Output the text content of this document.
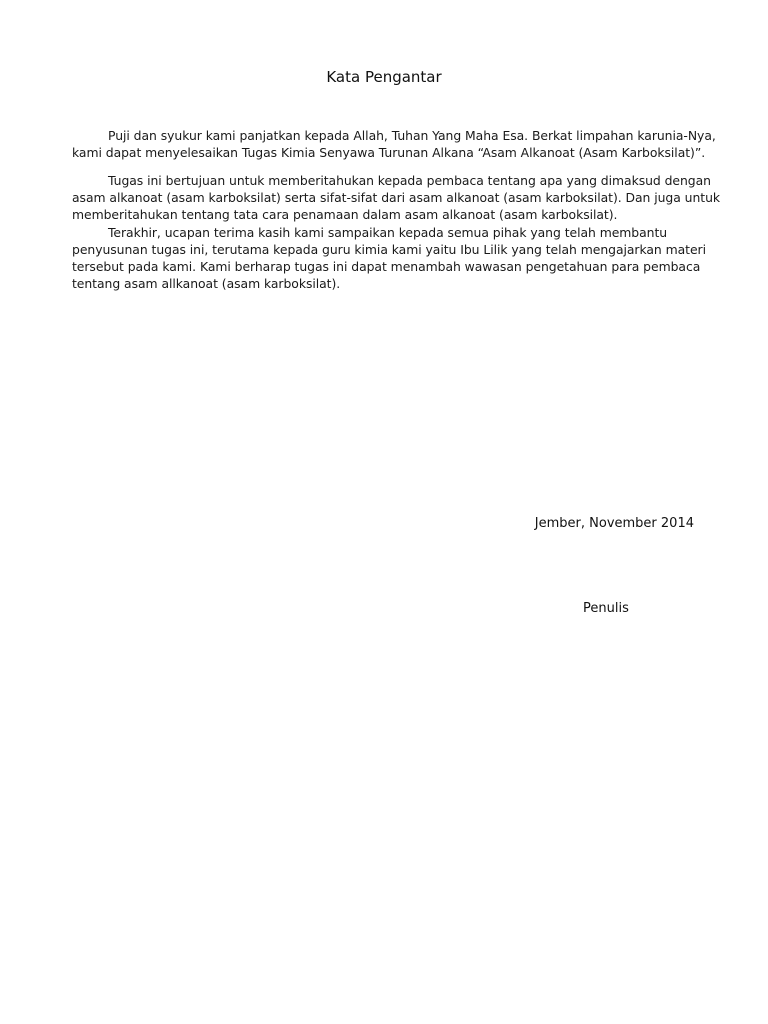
Kata Pengantar
Puji dan syukur kami panjatkan kepada Allah, Tuhan Yang Maha Esa. Berkat limpahan karunia-Nya,
kami dapat menyelesaikan Tugas Kimia Senyawa Turunan Alkana “Asam Alkanoat (Asam Karboksilat)”.
Tugas ini bertujuan untuk memberitahukan kepada pembaca tentang apa yang dimaksud dengan
asam alkanoat (asam karboksilat) serta sifat-sifat dari asam alkanoat (asam karboksilat). Dan juga untuk
memberitahukan tentang tata cara penamaan dalam asam alkanoat (asam karboksilat).
Terakhir, ucapan terima kasih kami sampaikan kepada semua pihak yang telah membantu
penyusunan tugas ini, terutama kepada guru kimia kami yaitu Ibu Lilik yang telah mengajarkan materi
tersebut pada kami. Kami berharap tugas ini dapat menambah wawasan pengetahuan para pembaca
tentang asam allkanoat (asam karboksilat).
Jember, November 2014
Penulis
